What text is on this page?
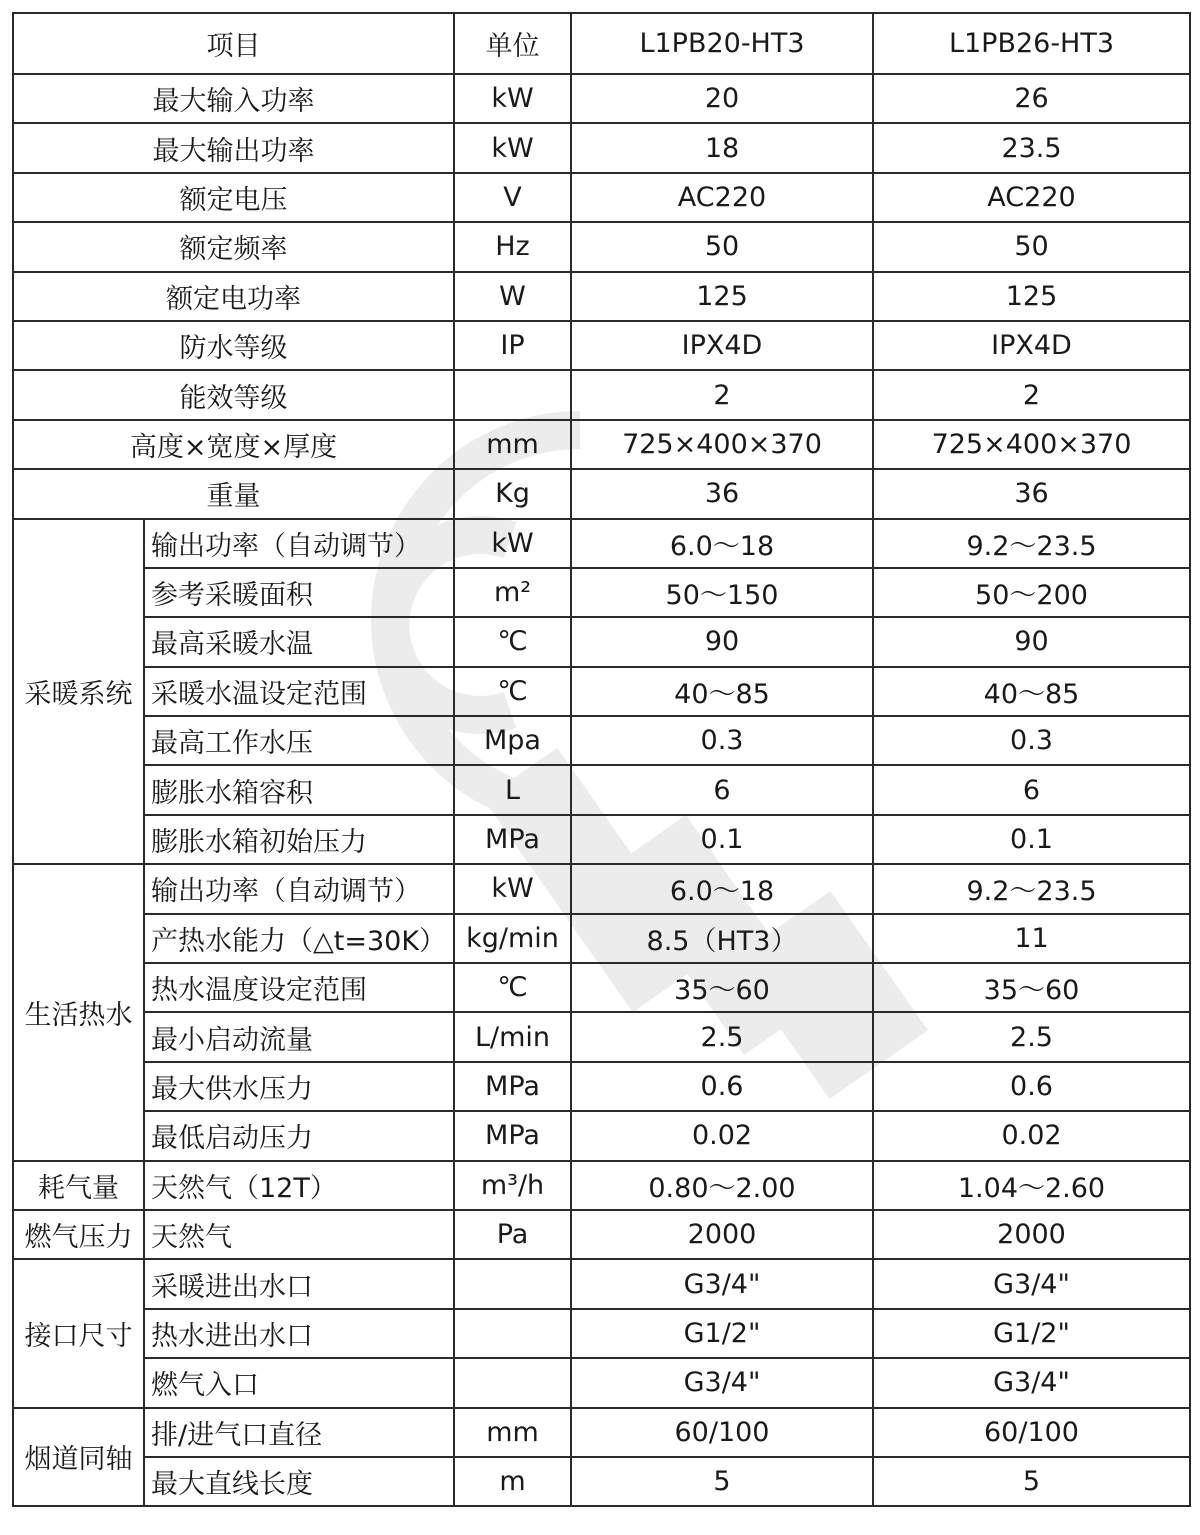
项目		单位	L1PB20-HT3	L1PB26-HT3
最大输入功率		kW	20	26
最大输出功率		kW	18	23.5
额定电压		V	AC220	AC220
额定频率		Hz	50	50
额定电功率		W	125	125
防水等级		IP	IPX4D	IPX4D
能效等级			2	2
高度×宽度×厚度		mm	725×400×370	725×400×370
重量		Kg	36	36
采暖系统	输出功率（自动调节）	kW	6.0～18	9.2～23.5
	参考采暖面积	m²	50～150	50～200
	最高采暖水温	℃	90	90
	采暖水温设定范围	℃	40～85	40～85
	最高工作水压	Mpa	0.3	0.3
	膨胀水箱容积	L	6	6
	膨胀水箱初始压力	MPa	0.1	0.1
生活热水	输出功率（自动调节）	kW	6.0～18	9.2～23.5
	产热水能力（△t=30K）	kg/min	8.5（HT3）	11
	热水温度设定范围	℃	35～60	35～60
	最小启动流量	L/min	2.5	2.5
	最大供水压力	MPa	0.6	0.6
	最低启动压力	MPa	0.02	0.02
耗气量	天然气（12T）	m³/h	0.80～2.00	1.04～2.60
燃气压力	天然气	Pa	2000	2000
接口尺寸	采暖进出水口		G3/4"	G3/4"
	热水进出水口		G1/2"	G1/2"
	燃气入口		G3/4"	G3/4"
烟道同轴	排/进气口直径	mm	60/100	60/100
	最大直线长度	m	5	5
